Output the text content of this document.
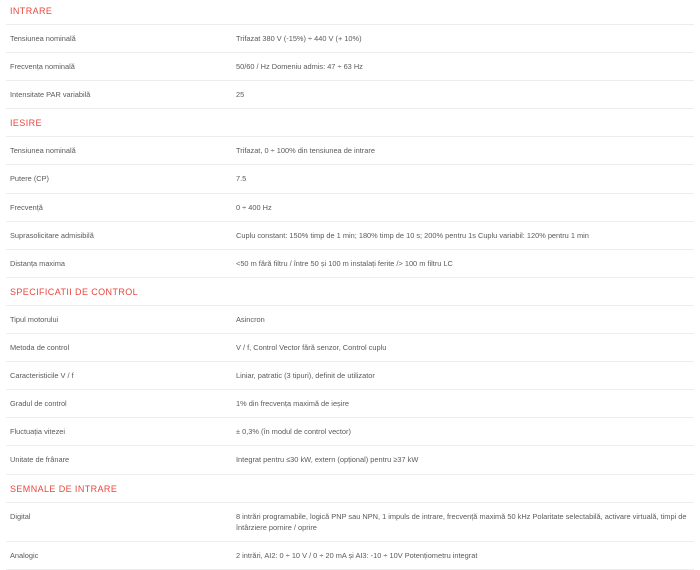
INTRARE
Tensiunea nominală	Trifazat 380 V (-15%) ÷ 440 V (+ 10%)
Frecvența nominală	50/60 / Hz Domeniu admis: 47 ÷ 63 Hz
Intensitate PAR variabilă	25
IESIRE
Tensiunea nominală	Trifazat, 0 ÷ 100% din tensiunea de intrare
Putere (CP)	7.5
Frecvență	0 ÷ 400 Hz
Suprasolicitare admisibilă	Cuplu constant: 150% timp de 1 min; 180% timp de 10 s; 200% pentru 1s Cuplu variabil: 120% pentru 1 min
Distanța maxima	<50 m fără filtru / între 50 și 100 m instalați ferite /> 100 m filtru LC
SPECIFICATII DE CONTROL
Tipul motorului	Asincron
Metoda de control	V / f, Control Vector fără senzor, Control cuplu
Caracteristicile V / f	Liniar, patratic (3 tipuri), definit de utilizator
Gradul de control	1% din frecvența maximă de ieșire
Fluctuația vitezei	± 0,3% (în modul de control vector)
Unitate de frânare	Integrat pentru ≤30 kW, extern (opțional) pentru ≥37 kW
SEMNALE DE INTRARE
Digital	8 intrări programabile, logică PNP sau NPN, 1 impuls de intrare, frecvență maximă 50 kHz Polaritate selectabilă, activare virtuală, timpi de întârziere pornire / oprire
Analogic	2 intrări, AI2: 0 ÷ 10 V / 0 ÷ 20 mA și AI3: -10 ÷ 10V Potențiometru integrat
